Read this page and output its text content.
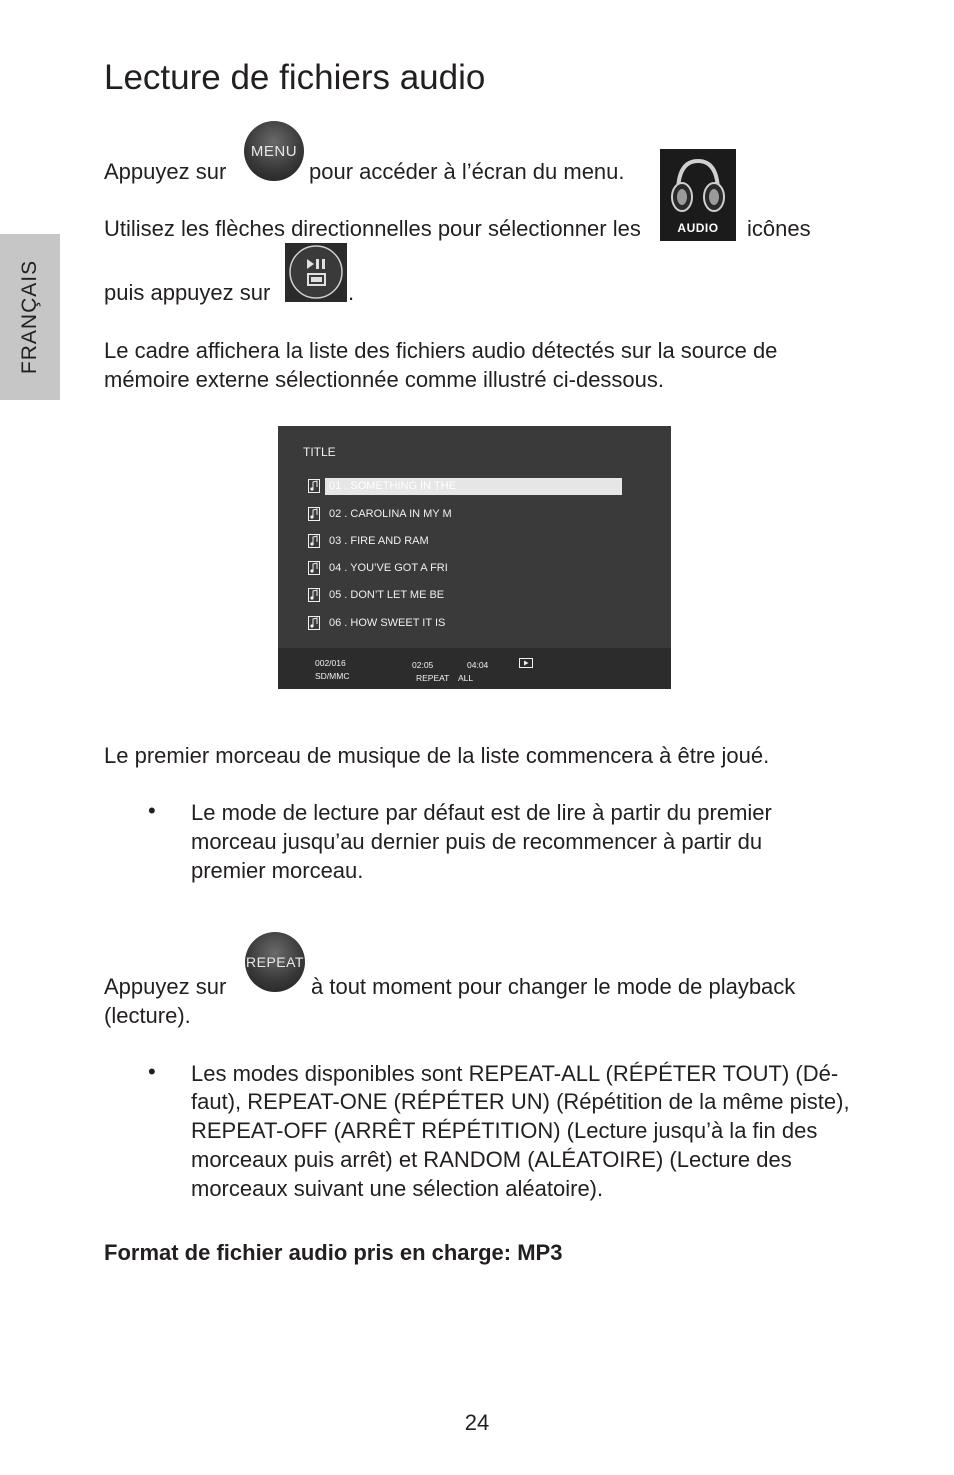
FRANÇAIS
Lecture de fichiers audio
Appuyez sur
MENU
pour accéder à l’écran du menu.
AUDIO
Utilisez les flèches directionnelles pour sélectionner les	icônes
puis appuyez sur	.
Le cadre affichera la liste des fichiers audio détectés sur la source de
mémoire externe sélectionnée comme illustré ci-dessous.
TITLE
01 . SOMETHING IN THE
02 . CAROLINA IN MY M
03 . FIRE AND RAM
04 . YOU’VE GOT A FRI
05 . DON’T LET ME BE
06 . HOW SWEET IT IS
002/016
SD/MMC
02:05	04:04
REPEAT ALL
Le premier morceau de musique de la liste commencera à être joué.
• Le mode de lecture par défaut est de lire à partir du premier
morceau jusqu’au dernier puis de recommencer à partir du
premier morceau.
Appuyez sur
REPEAT
à tout moment pour changer le mode de playback
(lecture).
• Les modes disponibles sont REPEAT-ALL (RÉPÉTER TOUT) (Dé-
faut), REPEAT-ONE (RÉPÉTER UN) (Répétition de la même piste),
REPEAT-OFF (ARRÊT RÉPÉTITION) (Lecture jusqu’à la fin des
morceaux puis arrêt) et RANDOM (ALÉATOIRE) (Lecture des
morceaux suivant une sélection aléatoire).
Format de fichier audio pris en charge: MP3
24
